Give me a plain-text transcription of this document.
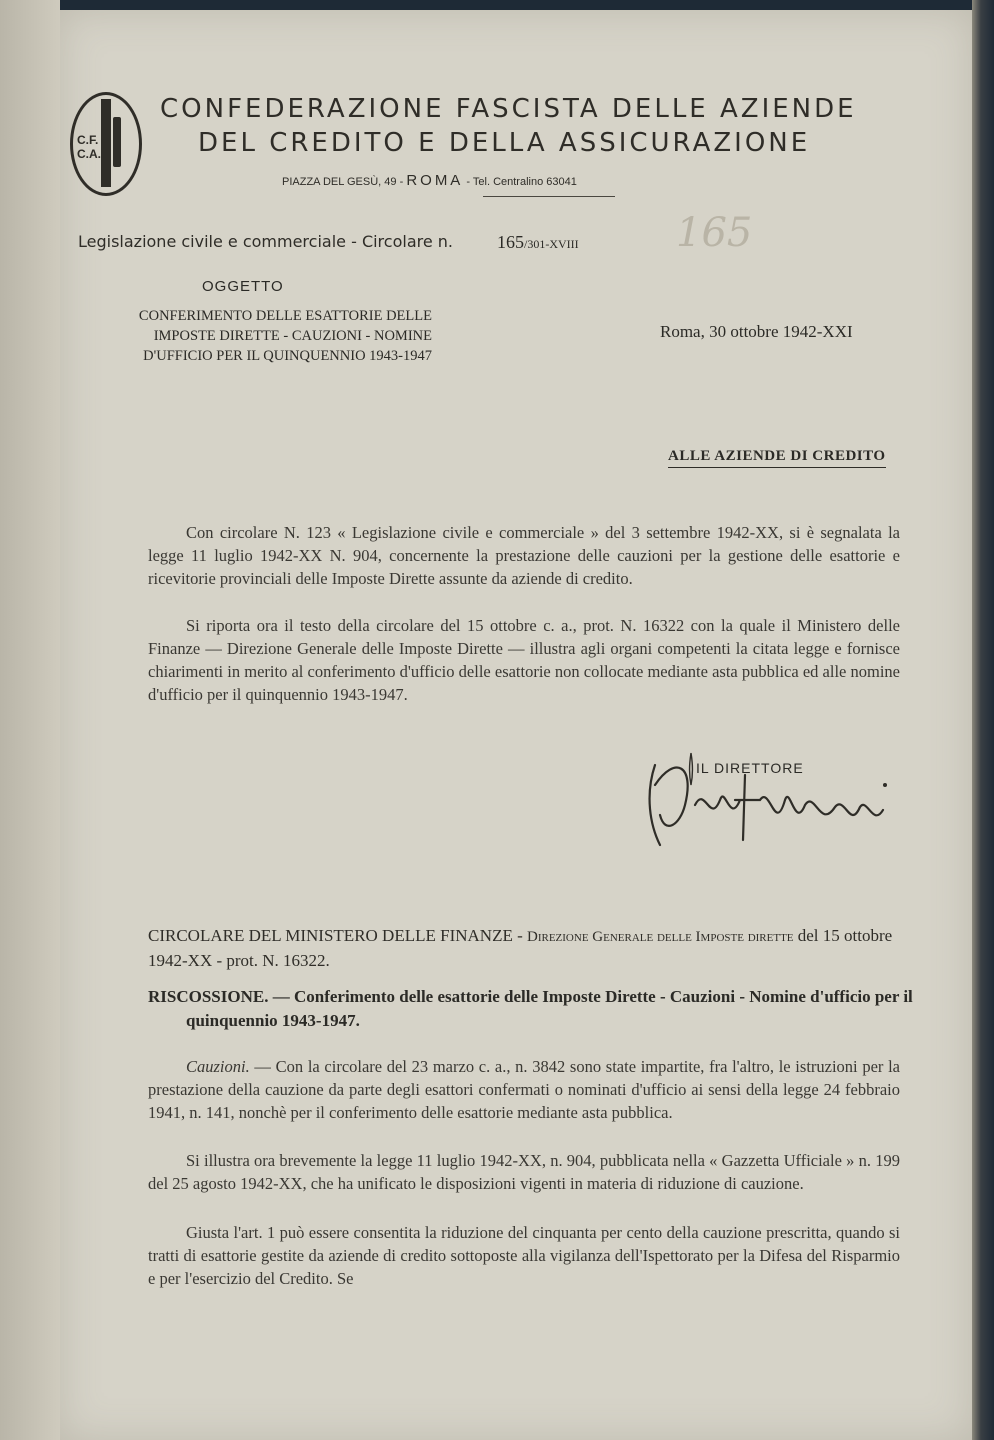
C.F.
C.A.
CONFEDERAZIONE FASCISTA DELLE AZIENDE
DEL CREDITO E DELLA ASSICURAZIONE
PIAZZA DEL GESÙ, 49 - ROMA - Tel. Centralino 63041
Legislazione civile e commerciale - Circolare n. 165/301-XVIII 165
OGGETTO
CONFERIMENTO DELLE ESATTORIE DELLE
IMPOSTE DIRETTE - CAUZIONI - NOMINE
D'UFFICIO PER IL QUINQUENNIO 1943-1947
Roma, 30 ottobre 1942-XXI
ALLE AZIENDE DI CREDITO
Con circolare N. 123 « Legislazione civile e commerciale » del 3 settembre 1942-XX, si è segnalata la legge 11 luglio 1942-XX N. 904, concernente la prestazione delle cauzioni per la gestione delle esattorie e ricevitorie provinciali delle Imposte Dirette assunte da aziende di credito.
Si riporta ora il testo della circolare del 15 ottobre c. a., prot. N. 16322 con la quale il Ministero delle Finanze — Direzione Generale delle Imposte Dirette — illustra agli organi competenti la citata legge e fornisce chiarimenti in merito al conferimento d'ufficio delle esattorie non collocate mediante asta pubblica ed alle nomine d'ufficio per il quinquennio 1943-1947.
IL DIRETTORE
CIRCOLARE DEL MINISTERO DELLE FINANZE - Direzione Generale delle Imposte dirette del 15 ottobre 1942-XX - prot. N. 16322.
RISCOSSIONE. — Conferimento delle esattorie delle Imposte Dirette - Cauzioni - Nomine d'ufficio per il quinquennio 1943-1947.
Cauzioni. — Con la circolare del 23 marzo c. a., n. 3842 sono state impartite, fra l'altro, le istruzioni per la prestazione della cauzione da parte degli esattori confermati o nominati d'ufficio ai sensi della legge 24 febbraio 1941, n. 141, nonchè per il conferimento delle esattorie mediante asta pubblica.
Si illustra ora brevemente la legge 11 luglio 1942-XX, n. 904, pubblicata nella « Gazzetta Ufficiale » n. 199 del 25 agosto 1942-XX, che ha unificato le disposizioni vigenti in materia di riduzione di cauzione.
Giusta l'art. 1 può essere consentita la riduzione del cinquanta per cento della cauzione prescritta, quando si tratti di esattorie gestite da aziende di credito sottoposte alla vigilanza dell'Ispettorato per la Difesa del Risparmio e per l'esercizio del Credito. Se
